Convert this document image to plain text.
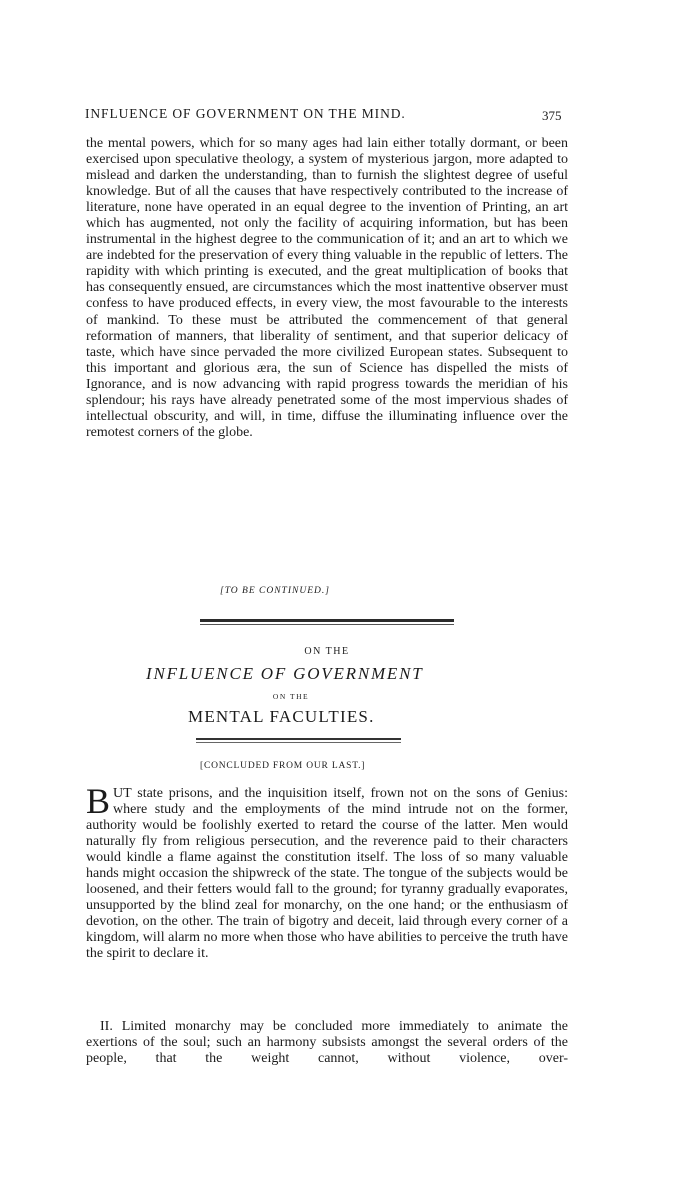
INFLUENCE OF GOVERNMENT ON THE MIND.	375

the mental powers, which for so many ages had lain either totally dormant, or been exercised upon speculative theology, a system of mysterious jargon, more adapted to mislead and darken the understanding, than to furnish the slightest degree of useful knowledge. But of all the causes that have respectively contributed to the increase of literature, none have operated in an equal degree to the invention of Printing, an art which has augmented, not only the facility of acquiring information, but has been instrumental in the highest degree to the communication of it; and an art to which we are indebted for the preservation of every thing valuable in the republic of letters. The rapidity with which printing is executed, and the great multiplication of books that has consequently ensued, are circumstances which the most inattentive observer must confess to have produced effects, in every view, the most favourable to the interests of mankind. To these must be attributed the commencement of that general reformation of manners, that liberality of sentiment, and that superior delicacy of taste, which have since pervaded the more civilized European states. Subsequent to this important and glorious æra, the sun of Science has dispelled the mists of Ignorance, and is now advancing with rapid progress towards the meridian of his splendour; his rays have already penetrated some of the most impervious shades of intellectual obscurity, and will, in time, diffuse the illuminating influence over the remotest corners of the globe.

[TO BE CONTINUED.]
ON THE
INFLUENCE OF GOVERNMENT
ON THE
MENTAL FACULTIES.
[CONCLUDED FROM OUR LAST.]
B UT state prisons, and the inquisition itself, frown not on the sons of Genius: where study and the employments of the mind intrude not on the former, authority would be foolishly exerted to retard the course of the latter. Men would naturally fly from religious persecution, and the reverence paid to their characters would kindle a flame against the constitution itself. The loss of so many valuable hands might occasion the shipwreck of the state. The tongue of the subjects would be loosened, and their fetters would fall to the ground; for tyranny gradually evaporates, unsupported by the blind zeal for monarchy, on the one hand; or the enthusiasm of devotion, on the other. The train of bigotry and deceit, laid through every corner of a kingdom, will alarm no more when those who have abilities to perceive the truth have the spirit to declare it.

II. Limited monarchy may be concluded more immediately to animate the exertions of the soul; such an harmony subsists amongst the several orders of the people, that the weight cannot, without violence, over-
